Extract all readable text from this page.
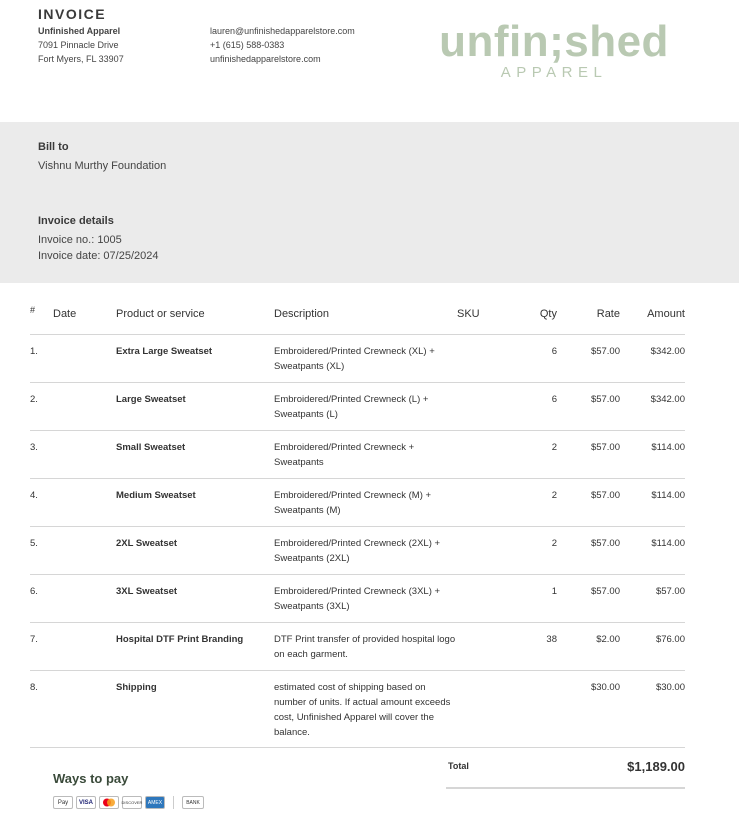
INVOICE
Unfinished Apparel
7091 Pinnacle Drive
Fort Myers, FL 33907
lauren@unfinishedapparelstore.com
+1 (615) 588-0383
unfinishedapparelstore.com	unfin;shed
APPAREL
Bill to
Vishnu Murthy Foundation
Invoice details
Invoice no.: 1005
Invoice date: 07/25/2024
#	Date	Product or service	Description	SKU	Qty	Rate	Amount
1.		Extra Large Sweatset	Embroidered/Printed Crewneck (XL) + Sweatpants (XL)		6	$57.00	$342.00
2.		Large Sweatset	Embroidered/Printed Crewneck (L) + Sweatpants (L)		6	$57.00	$342.00
3.		Small Sweatset	Embroidered/Printed Crewneck + Sweatpants		2	$57.00	$114.00
4.		Medium Sweatset	Embroidered/Printed Crewneck (M) + Sweatpants (M)		2	$57.00	$114.00
5.		2XL Sweatset	Embroidered/Printed Crewneck (2XL) + Sweatpants (2XL)		2	$57.00	$114.00
6.		3XL Sweatset	Embroidered/Printed Crewneck (3XL) + Sweatpants (3XL)		1	$57.00	$57.00
7.		Hospital DTF Print Branding	DTF Print transfer of provided hospital logo on each garment.		38	$2.00	$76.00
8.		Shipping	estimated cost of shipping based on number of units. If actual amount exceeds cost, Unfinished Apparel will cover the balance.			$30.00	$30.00
Ways to pay
Pay	VISA	DISCOVER	AMEX	BANK
Total	$1,189.00
